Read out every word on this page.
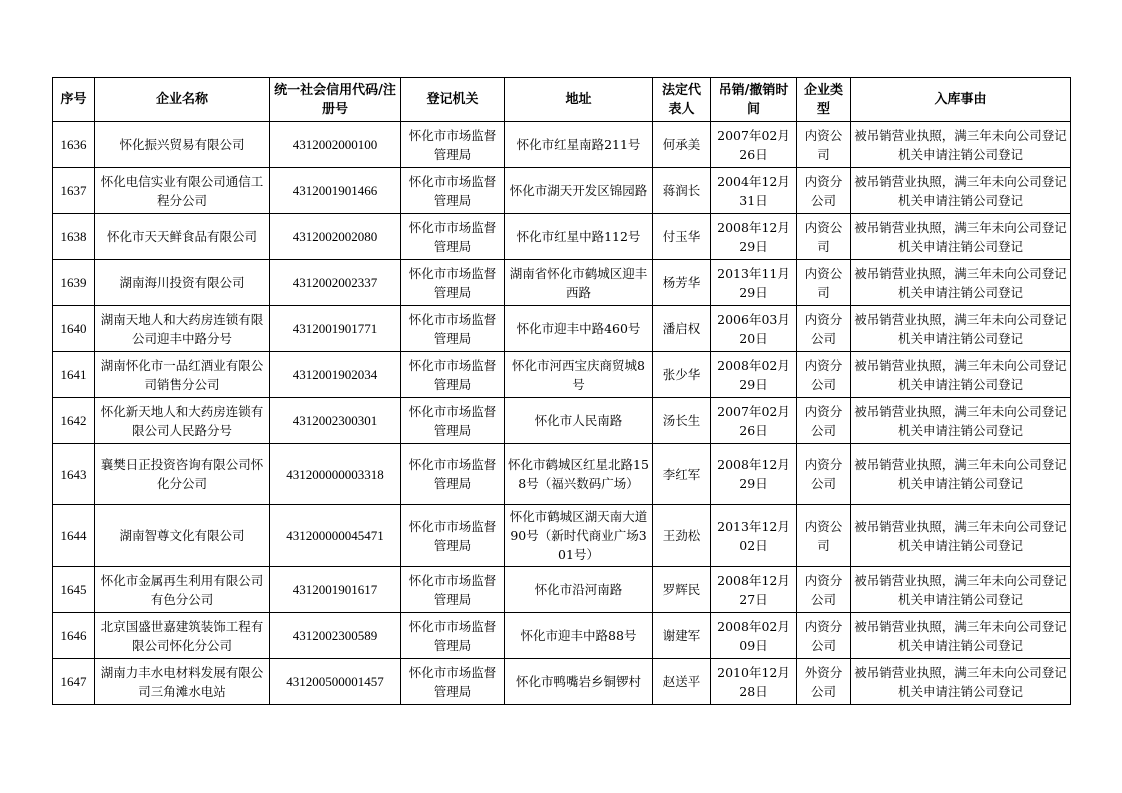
序号	企业名称	统一社会信用代码/注册号	登记机关	地址	法定代表人	吊销/撤销时间	企业类型	入库事由
1636	怀化振兴贸易有限公司	4312002000100	怀化市市场监督管理局	怀化市红星南路211号	何承美	2007年02月26日	内资公司	被吊销营业执照，满三年未向公司登记机关申请注销公司登记
1637	怀化电信实业有限公司通信工程分公司	4312001901466	怀化市市场监督管理局	怀化市湖天开发区锦园路	蒋润长	2004年12月31日	内资分公司	被吊销营业执照，满三年未向公司登记机关申请注销公司登记
1638	怀化市天天鲜食品有限公司	4312002002080	怀化市市场监督管理局	怀化市红星中路112号	付玉华	2008年12月29日	内资公司	被吊销营业执照，满三年未向公司登记机关申请注销公司登记
1639	湖南海川投资有限公司	4312002002337	怀化市市场监督管理局	湖南省怀化市鹤城区迎丰西路	杨芳华	2013年11月29日	内资公司	被吊销营业执照，满三年未向公司登记机关申请注销公司登记
1640	湖南天地人和大药房连锁有限公司迎丰中路分号	4312001901771	怀化市市场监督管理局	怀化市迎丰中路460号	潘启权	2006年03月20日	内资分公司	被吊销营业执照，满三年未向公司登记机关申请注销公司登记
1641	湖南怀化市一品红酒业有限公司销售分公司	4312001902034	怀化市市场监督管理局	怀化市河西宝庆商贸城8号	张少华	2008年02月29日	内资分公司	被吊销营业执照，满三年未向公司登记机关申请注销公司登记
1642	怀化新天地人和大药房连锁有限公司人民路分号	4312002300301	怀化市市场监督管理局	怀化市人民南路	汤长生	2007年02月26日	内资分公司	被吊销营业执照，满三年未向公司登记机关申请注销公司登记
1643	襄樊日正投资咨询有限公司怀化分公司	431200000003318	怀化市市场监督管理局	怀化市鹤城区红星北路158号（福兴数码广场）	李红军	2008年12月29日	内资分公司	被吊销营业执照，满三年未向公司登记机关申请注销公司登记
1644	湖南智尊文化有限公司	431200000045471	怀化市市场监督管理局	怀化市鹤城区湖天南大道90号（新时代商业广场301号）	王劲松	2013年12月02日	内资公司	被吊销营业执照，满三年未向公司登记机关申请注销公司登记
1645	怀化市金属再生利用有限公司有色分公司	4312001901617	怀化市市场监督管理局	怀化市沿河南路	罗辉民	2008年12月27日	内资分公司	被吊销营业执照，满三年未向公司登记机关申请注销公司登记
1646	北京国盛世嘉建筑装饰工程有限公司怀化分公司	4312002300589	怀化市市场监督管理局	怀化市迎丰中路88号	谢建军	2008年02月09日	内资分公司	被吊销营业执照，满三年未向公司登记机关申请注销公司登记
1647	湖南力丰水电材料发展有限公司三角滩水电站	431200500001457	怀化市市场监督管理局	怀化市鸭嘴岩乡铜锣村	赵送平	2010年12月28日	外资分公司	被吊销营业执照，满三年未向公司登记机关申请注销公司登记
